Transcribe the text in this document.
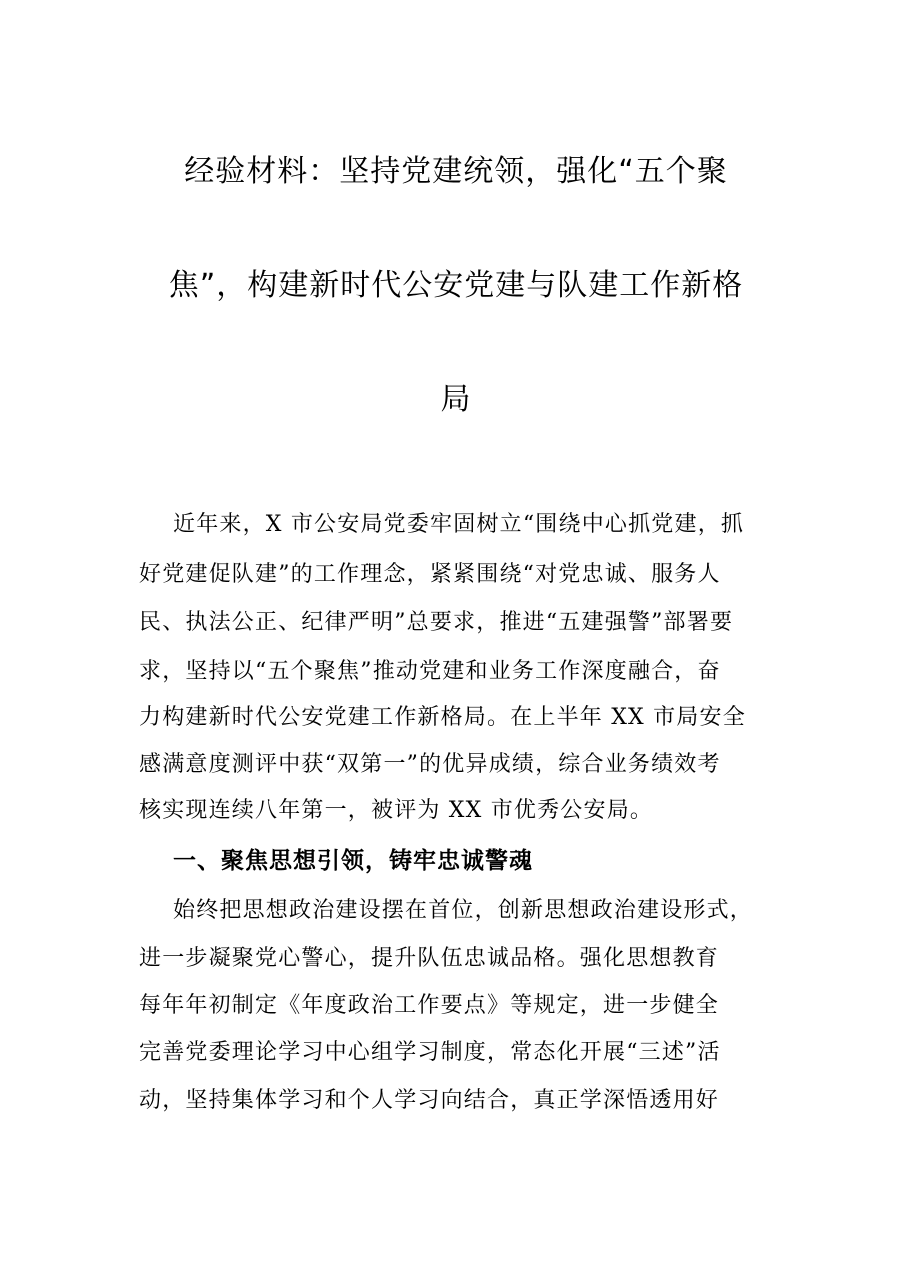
经验材料：坚持党建统领，强化“五个聚
焦”，构建新时代公安党建与队建工作新格
局
近年来，X 市公安局党委牢固树立“围绕中心抓党建，抓
好党建促队建”的工作理念，紧紧围绕“对党忠诚、服务人
民、执法公正、纪律严明”总要求，推进“五建强警”部署要
求，坚持以“五个聚焦”推动党建和业务工作深度融合，奋
力构建新时代公安党建工作新格局。在上半年 XX 市局安全
感满意度测评中获“双第一”的优异成绩，综合业务绩效考
核实现连续八年第一，被评为 XX 市优秀公安局。
一、聚焦思想引领，铸牢忠诚警魂
始终把思想政治建设摆在首位，创新思想政治建设形式，
进一步凝聚党心警心，提升队伍忠诚品格。强化思想教育
每年年初制定《年度政治工作要点》等规定，进一步健全
完善党委理论学习中心组学习制度，常态化开展“三述”活
动，坚持集体学习和个人学习向结合，真正学深悟透用好
